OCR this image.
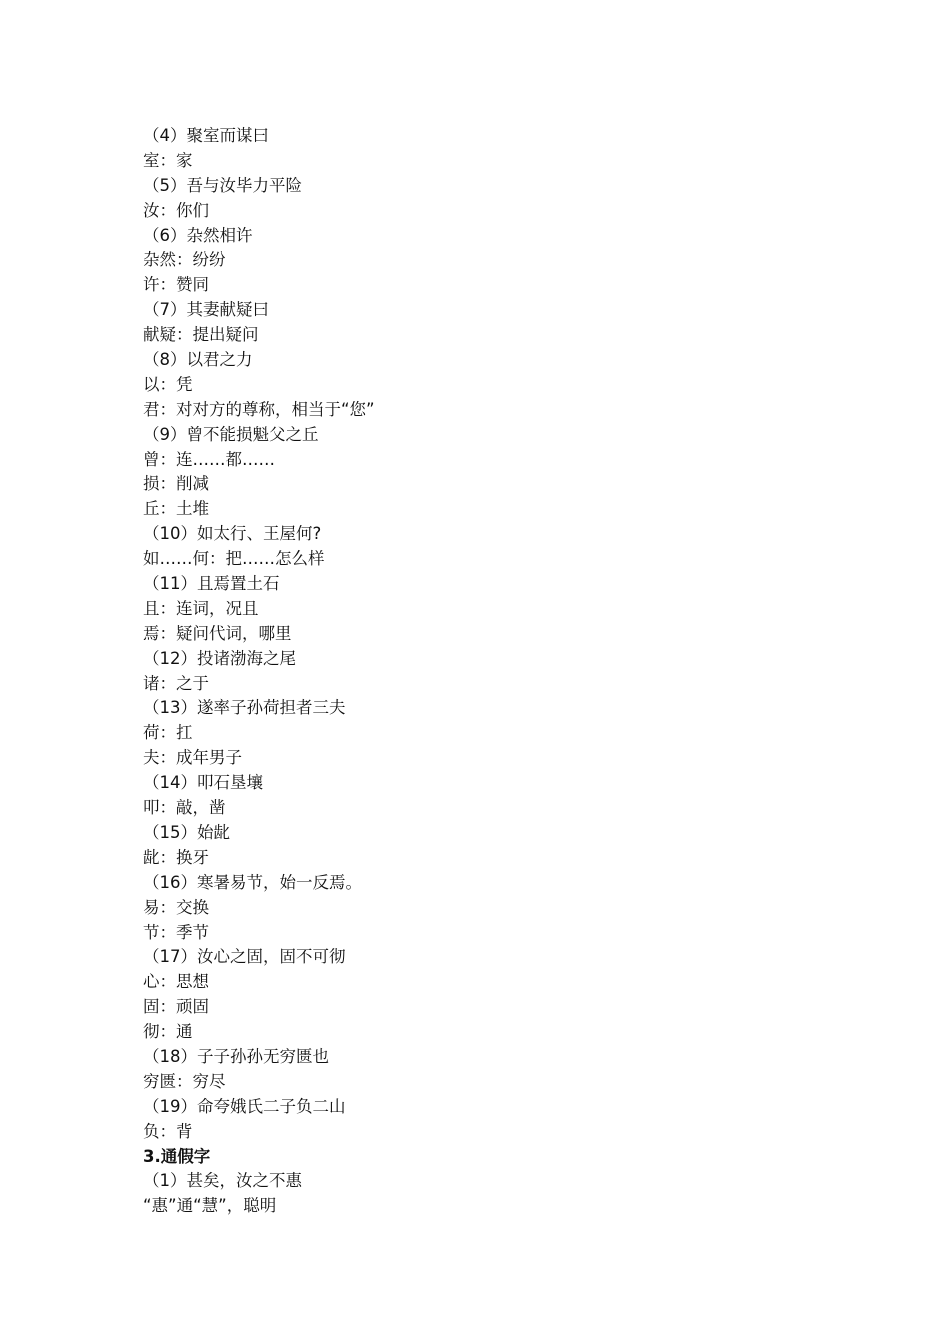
（4）聚室而谋曰
室：家
（5）吾与汝毕力平险
汝：你们
（6）杂然相许
杂然：纷纷
许：赞同
（7）其妻献疑曰
献疑：提出疑问
（8）以君之力
以：凭
君：对对方的尊称，相当于“您”
（9）曾不能损魁父之丘
曾：连……都……
损：削减
丘：土堆
（10）如太行、王屋何?
如……何：把……怎么样
（11）且焉置土石
且：连词，况且
焉：疑问代词，哪里
（12）投诸渤海之尾
诸：之于
（13）遂率子孙荷担者三夫
荷：扛
夫：成年男子
（14）叩石垦壤
叩：敲，凿
（15）始龀
龀：换牙
（16）寒暑易节，始一反焉。
易：交换
节：季节
（17）汝心之固，固不可彻
心：思想
固：顽固
彻：通
（18）子子孙孙无穷匮也
穷匮：穷尽
（19）命夸娥氏二子负二山
负：背
3.通假字
（1）甚矣，汝之不惠
“惠”通“慧”，聪明
